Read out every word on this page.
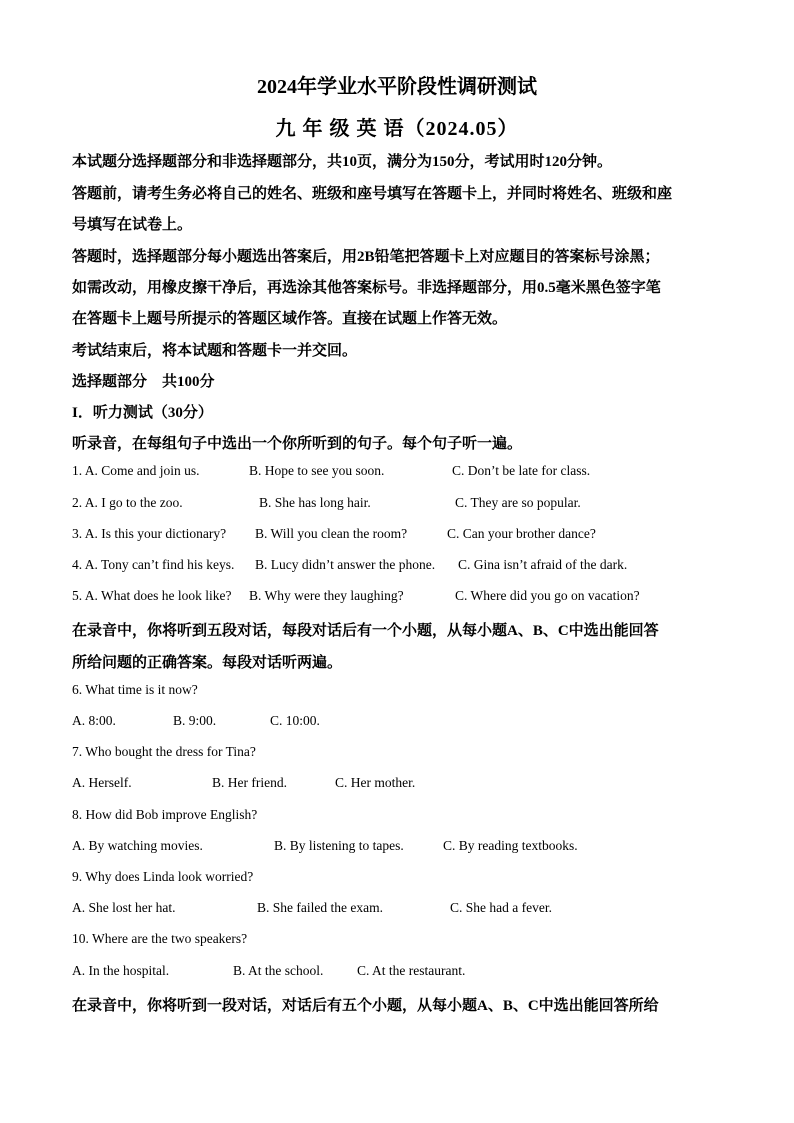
2024年学业水平阶段性调研测试
九 年 级 英 语（2024.05）
本试题分选择题部分和非选择题部分，共10页，满分为150分，考试用时120分钟。
答题前，请考生务必将自己的姓名、班级和座号填写在答题卡上，并同时将姓名、班级和座
号填写在试卷上。
答题时，选择题部分每小题选出答案后，用2B铅笔把答题卡上对应题目的答案标号涂黑；
如需改动，用橡皮擦干净后，再选涂其他答案标号。非选择题部分，用0.5毫米黑色签字笔
在答题卡上题号所提示的答题区域作答。直接在试题上作答无效。
考试结束后，将本试题和答题卡一并交回。
选择题部分　共100分
I．听力测试（30分）
听录音，在每组句子中选出一个你所听到的句子。每个句子听一遍。
1. A. Come and join us.	B. Hope to see you soon.	C. Don’t be late for class.
2. A. I go to the zoo.	B. She has long hair.	C. They are so popular.
3. A. Is this your dictionary? B. Will you clean the room?	C. Can your brother dance?
4. A. Tony can’t find his keys. B. Lucy didn’t answer the phone. C. Gina isn’t afraid of the dark.
5. A. What does he look like? B. Why were they laughing?	C. Where did you go on vacation?
在录音中，你将听到五段对话，每段对话后有一个小题，从每小题A、B、C中选出能回答
所给问题的正确答案。每段对话听两遍。
6. What time is it now?
A. 8:00.	B. 9:00.	C. 10:00.
7. Who bought the dress for Tina?
A. Herself.	B. Her friend.	C. Her mother.
8. How did Bob improve English?
A. By watching movies.	B. By listening to tapes.	C. By reading textbooks.
9. Why does Linda look worried?
A. She lost her hat.	B. She failed the exam.	C. She had a fever.
10. Where are the two speakers?
A. In the hospital.	B. At the school. C. At the restaurant.
在录音中，你将听到一段对话，对话后有五个小题，从每小题A、B、C中选出能回答所给
